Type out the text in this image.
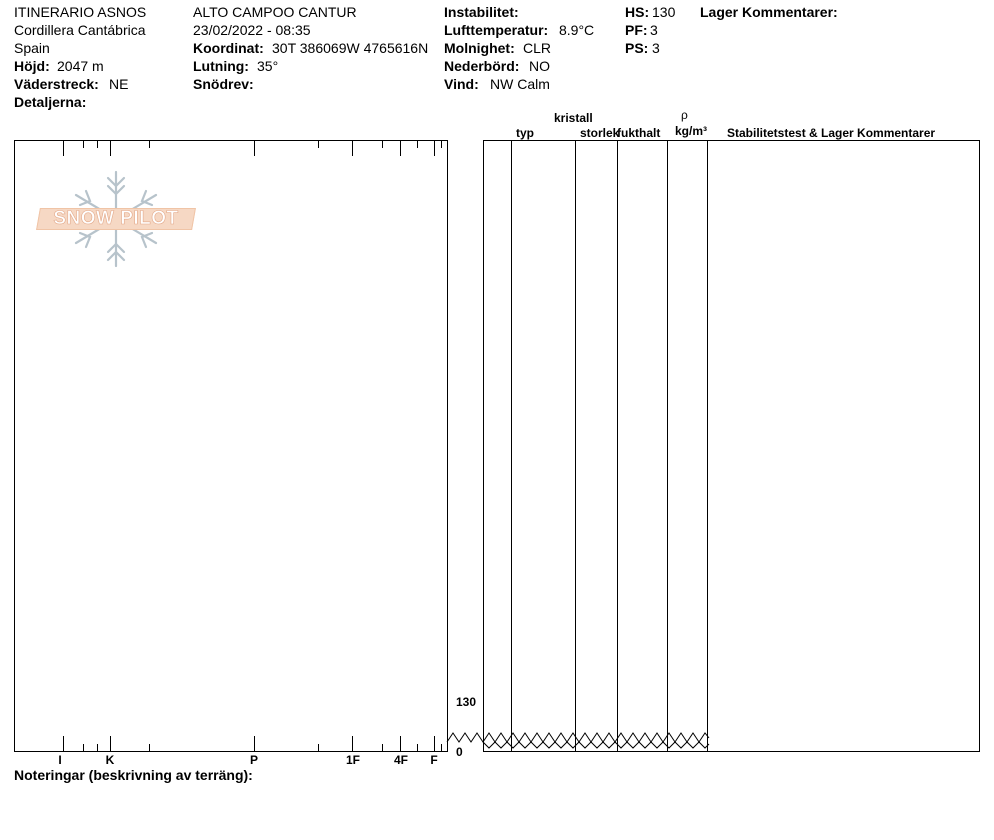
ITINERARIO ASNOS
Cordillera Cantábrica
Spain
Höjd: 2047 m
Väderstreck: NE
Detaljerna:
ALTO CAMPOO CANTUR
23/02/2022 - 08:35
Koordinat: 30T 386069W 4765616N
Lutning: 35°
Snödrev:
Instabilitet:
Lufttemperatur: 8.9°C
Molnighet: CLR
Nederbörd: NO
Vind: NW Calm
HS: 130
PF: 3
PS: 3
Lager Kommentarer:
I	K	P	1F	4F	F
SNOW PILOT
130
0
typ
kristall
storlek
fukthalt
ρ
kg/m³ Stabilitetstest & Lager Kommentarer
Noteringar (beskrivning av terräng):
